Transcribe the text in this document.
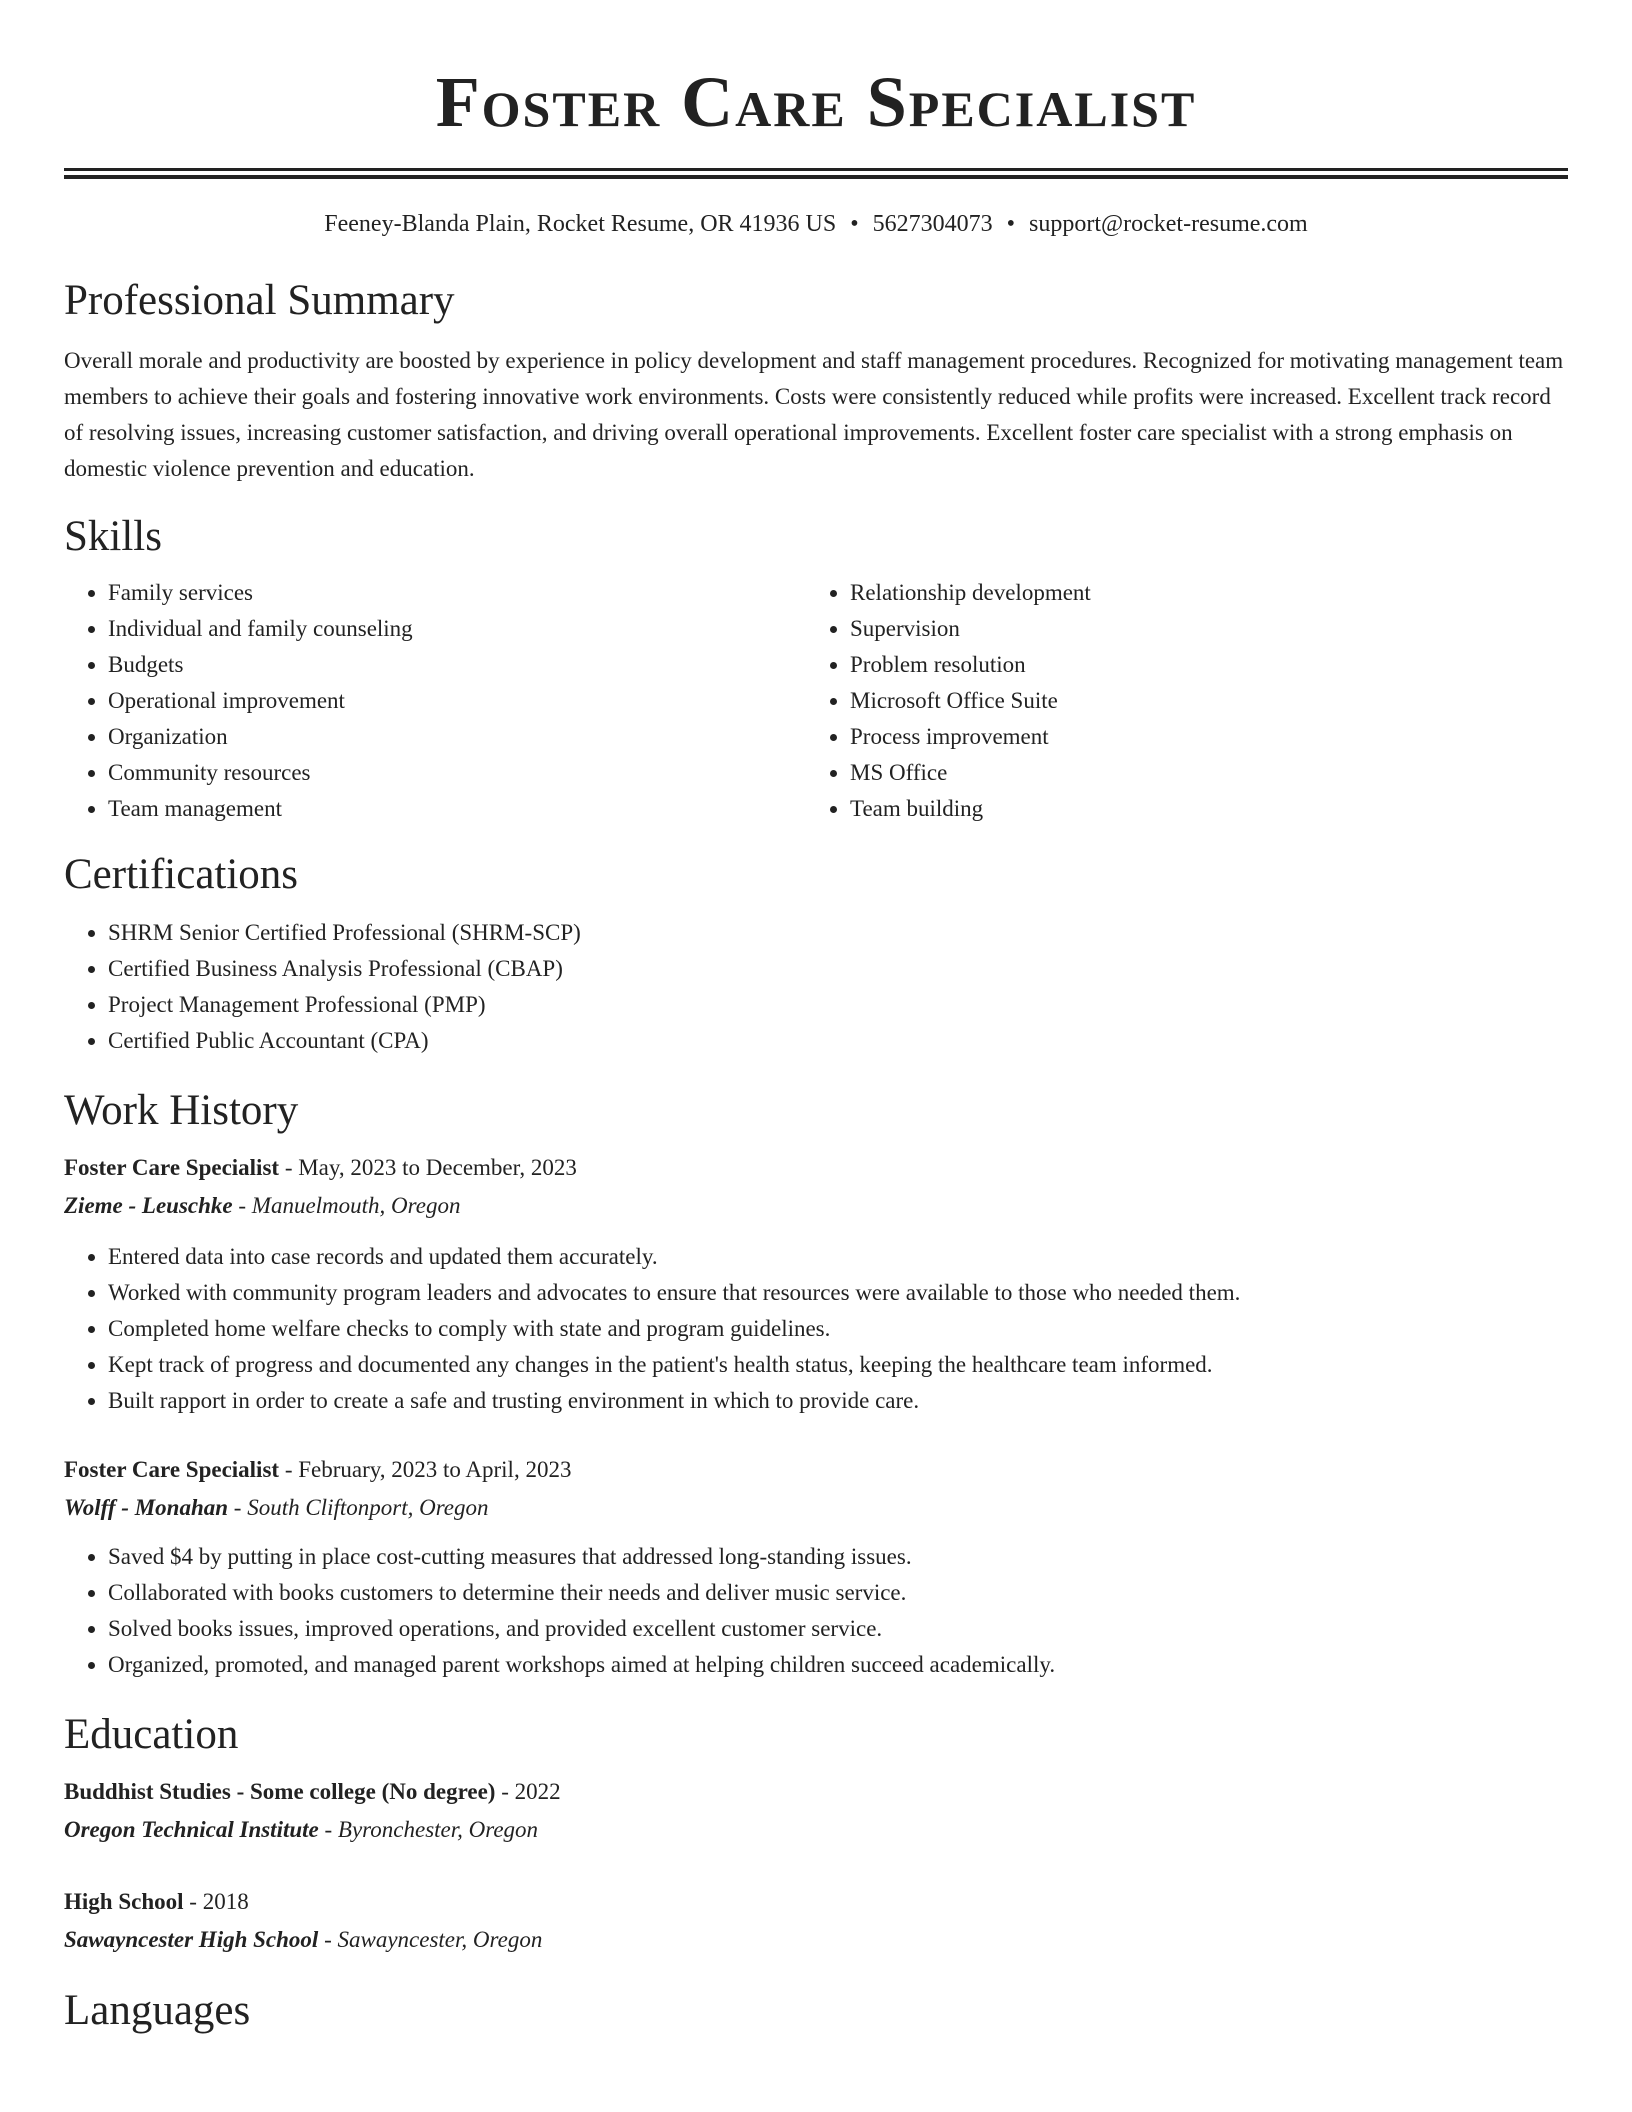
Foster Care Specialist
Feeney-Blanda Plain, Rocket Resume, OR 41936 US • 5627304073 • support@rocket-resume.com
Professional Summary

Overall morale and productivity are boosted by experience in policy development and staff management procedures. Recognized for motivating management team members to achieve their goals and fostering innovative work environments. Costs were consistently reduced while profits were increased. Excellent track record of resolving issues, increasing customer satisfaction, and driving overall operational improvements. Excellent foster care specialist with a strong emphasis on domestic violence prevention and education.

Skills
• Family services
• Individual and family counseling
• Budgets
• Operational improvement
• Organization
• Community resources
• Team management
• Relationship development
• Supervision
• Problem resolution
• Microsoft Office Suite
• Process improvement
• MS Office
• Team building
Certifications
• SHRM Senior Certified Professional (SHRM-SCP)
• Certified Business Analysis Professional (CBAP)
• Project Management Professional (PMP)
• Certified Public Accountant (CPA)
Work History
Foster Care Specialist - May, 2023 to December, 2023
Zieme - Leuschke - Manuelmouth, Oregon
• Entered data into case records and updated them accurately.
• Worked with community program leaders and advocates to ensure that resources were available to those who needed them.
• Completed home welfare checks to comply with state and program guidelines.
• Kept track of progress and documented any changes in the patient's health status, keeping the healthcare team informed.
• Built rapport in order to create a safe and trusting environment in which to provide care.
Foster Care Specialist - February, 2023 to April, 2023
Wolff - Monahan - South Cliftonport, Oregon
• Saved $4 by putting in place cost-cutting measures that addressed long-standing issues.
• Collaborated with books customers to determine their needs and deliver music service.
• Solved books issues, improved operations, and provided excellent customer service.
• Organized, promoted, and managed parent workshops aimed at helping children succeed academically.
Education
Buddhist Studies - Some college (No degree) - 2022
Oregon Technical Institute - Byronchester, Oregon
High School - 2018
Sawayncester High School - Sawayncester, Oregon
Languages
